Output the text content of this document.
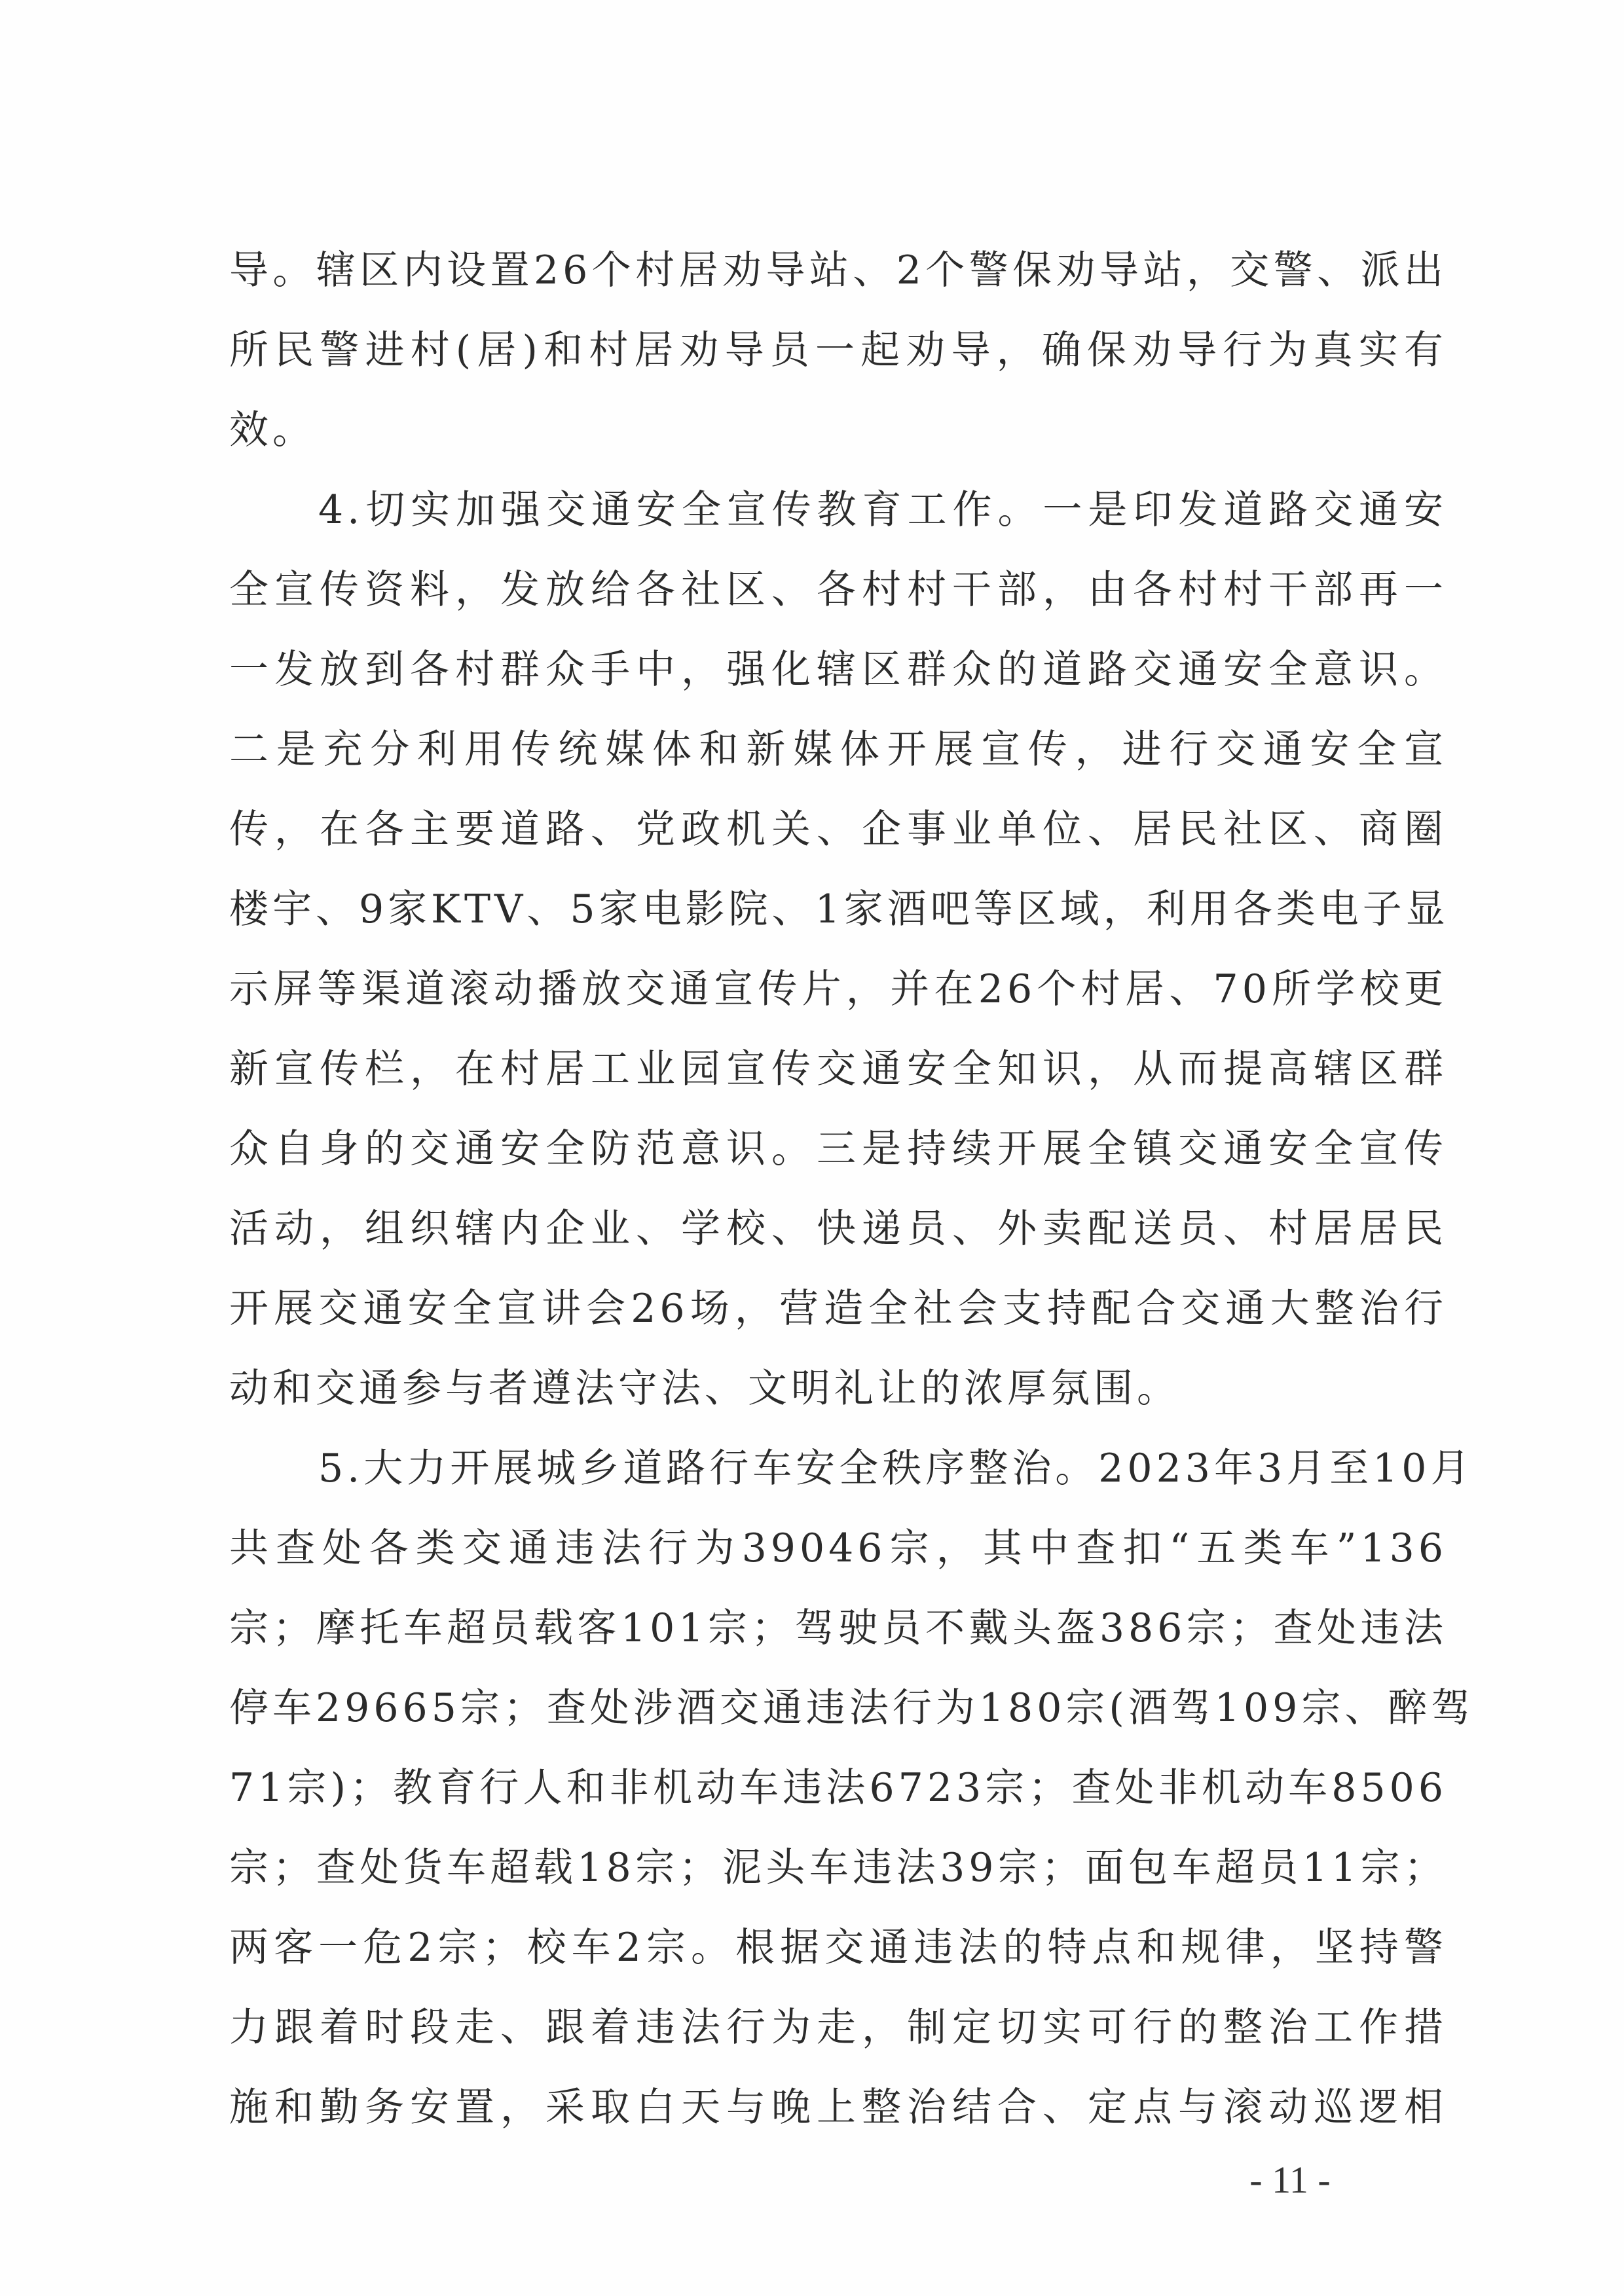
导。辖区内设置26个村居劝导站、2个警保劝导站，交警、派出
所民警进村(居)和村居劝导员一起劝导，确保劝导行为真实有
效。
4.切实加强交通安全宣传教育工作。一是印发道路交通安
全宣传资料，发放给各社区、各村村干部，由各村村干部再一
一发放到各村群众手中，强化辖区群众的道路交通安全意识。
二是充分利用传统媒体和新媒体开展宣传，进行交通安全宣
传，在各主要道路、党政机关、企事业单位、居民社区、商圈
楼宇、9家KTV、5家电影院、1家酒吧等区域，利用各类电子显
示屏等渠道滚动播放交通宣传片，并在26个村居、70所学校更
新宣传栏，在村居工业园宣传交通安全知识，从而提高辖区群
众自身的交通安全防范意识。三是持续开展全镇交通安全宣传
活动，组织辖内企业、学校、快递员、外卖配送员、村居居民
开展交通安全宣讲会26场，营造全社会支持配合交通大整治行
动和交通参与者遵法守法、文明礼让的浓厚氛围。
5.大力开展城乡道路行车安全秩序整治。2023年3月至10月
共查处各类交通违法行为39046宗，其中查扣“五类车”136
宗；摩托车超员载客101宗；驾驶员不戴头盔386宗；查处违法
停车29665宗；查处涉酒交通违法行为180宗(酒驾109宗、醉驾
71宗)；教育行人和非机动车违法6723宗；查处非机动车8506
宗；查处货车超载18宗；泥头车违法39宗；面包车超员11宗；
两客一危2宗；校车2宗。根据交通违法的特点和规律，坚持警
力跟着时段走、跟着违法行为走，制定切实可行的整治工作措
施和勤务安置，采取白天与晚上整治结合、定点与滚动巡逻相
- 11 -
